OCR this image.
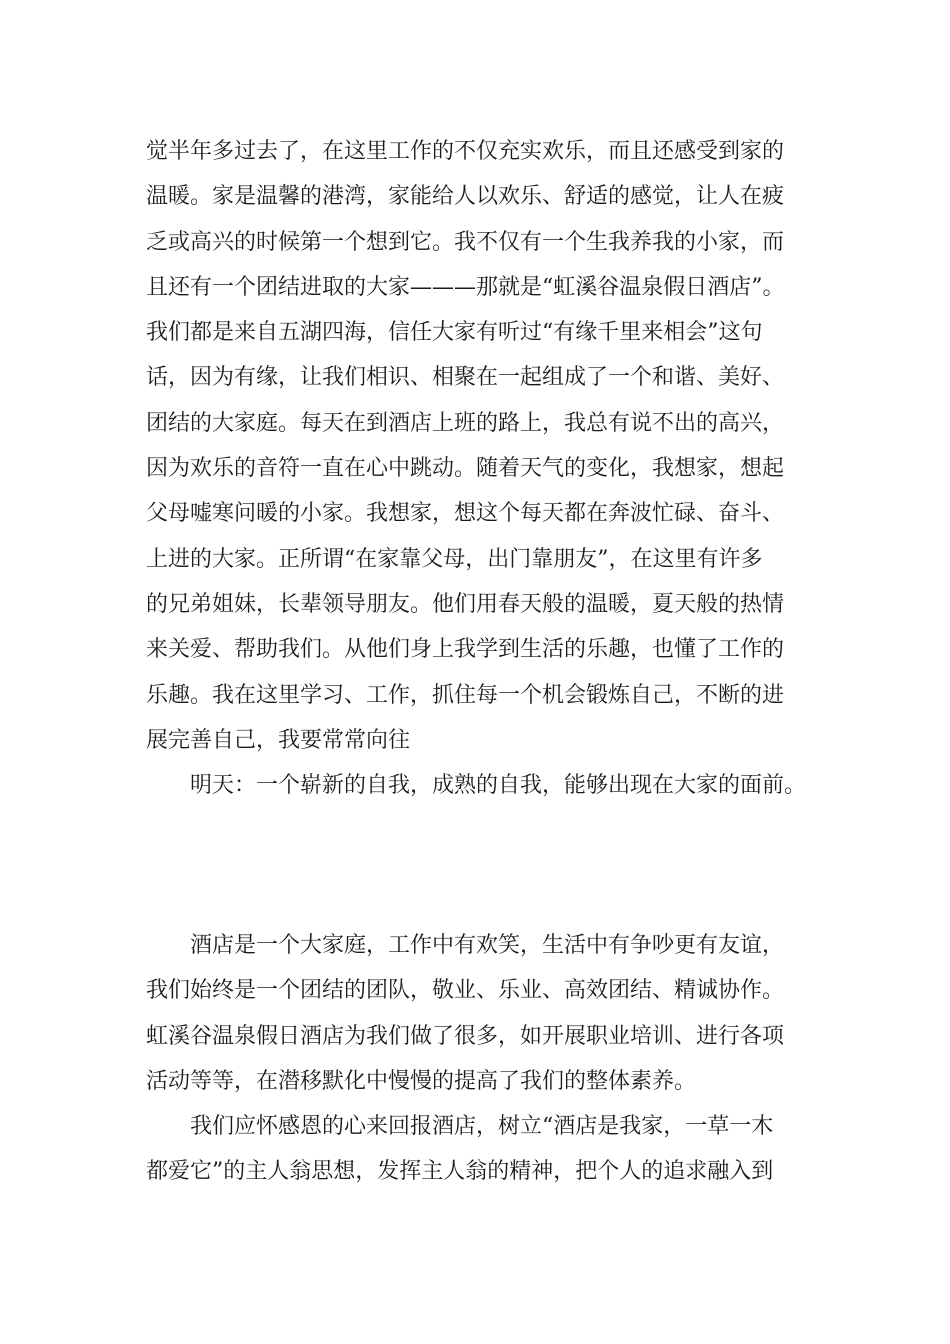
觉半年多过去了，在这里工作的不仅充实欢乐，而且还感受到家的
温暖。家是温馨的港湾，家能给人以欢乐、舒适的感觉，让人在疲
乏或高兴的时候第一个想到它。我不仅有一个生我养我的小家，而
且还有一个团结进取的大家———那就是“虹溪谷温泉假日酒店”。
我们都是来自五湖四海，信任大家有听过“有缘千里来相会”这句
话，因为有缘，让我们相识、相聚在一起组成了一个和谐、美好、
团结的大家庭。每天在到酒店上班的路上，我总有说不出的高兴，
因为欢乐的音符一直在心中跳动。随着天气的变化，我想家，想起
父母嘘寒问暖的小家。我想家，想这个每天都在奔波忙碌、奋斗、
上进的大家。正所谓“在家靠父母，出门靠朋友”，在这里有许多
的兄弟姐妹，长辈领导朋友。他们用春天般的温暖，夏天般的热情
来关爱、帮助我们。从他们身上我学到生活的乐趣，也懂了工作的
乐趣。我在这里学习、工作，抓住每一个机会锻炼自己，不断的进
展完善自己，我要常常向往
明天：一个崭新的自我，成熟的自我，能够出现在大家的面前。
酒店是一个大家庭，工作中有欢笑，生活中有争吵更有友谊，
我们始终是一个团结的团队，敬业、乐业、高效团结、精诚协作。
虹溪谷温泉假日酒店为我们做了很多，如开展职业培训、进行各项
活动等等，在潜移默化中慢慢的提高了我们的整体素养。
我们应怀感恩的心来回报酒店，树立“酒店是我家，一草一木
都爱它”的主人翁思想，发挥主人翁的精神，把个人的追求融入到
